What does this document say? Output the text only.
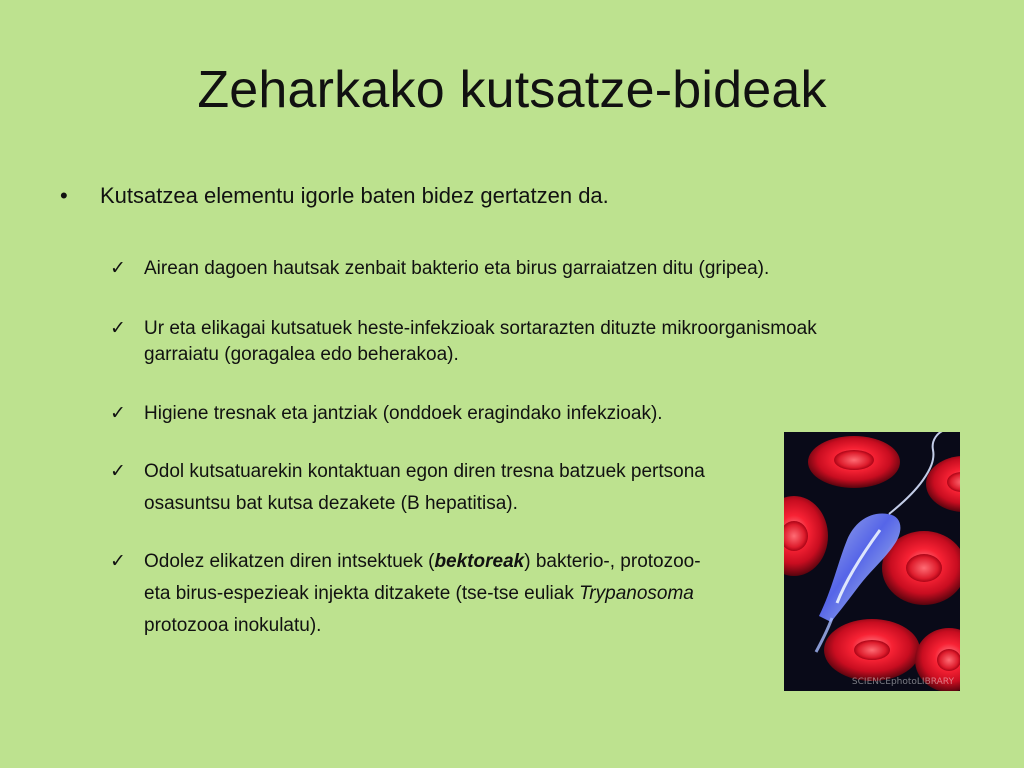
Zeharkako kutsatze-bideak
• Kutsatzea elementu igorle baten bidez gertatzen da.
✓ Airean dagoen hautsak zenbait bakterio eta birus garraiatzen ditu (gripea).
✓ Ur eta elikagai kutsatuek heste-infekzioak sortarazten dituzte mikroorganismoak
garraiatu (goragalea edo beherakoa).
✓ Higiene tresnak eta jantziak (onddoek eragindako infekzioak).
✓ Odol kutsatuarekin kontaktuan egon diren tresna batzuek pertsona
osasuntsu bat kutsa dezakete (B hepatitisa).
✓ Odolez elikatzen diren intsektuek (bektoreak) bakterio-, protozoo-
eta birus-espezieak injekta ditzakete (tse-tse euliak Trypanosoma
protozooa inokulatu).
SCIENCEphotoLIBRARY
